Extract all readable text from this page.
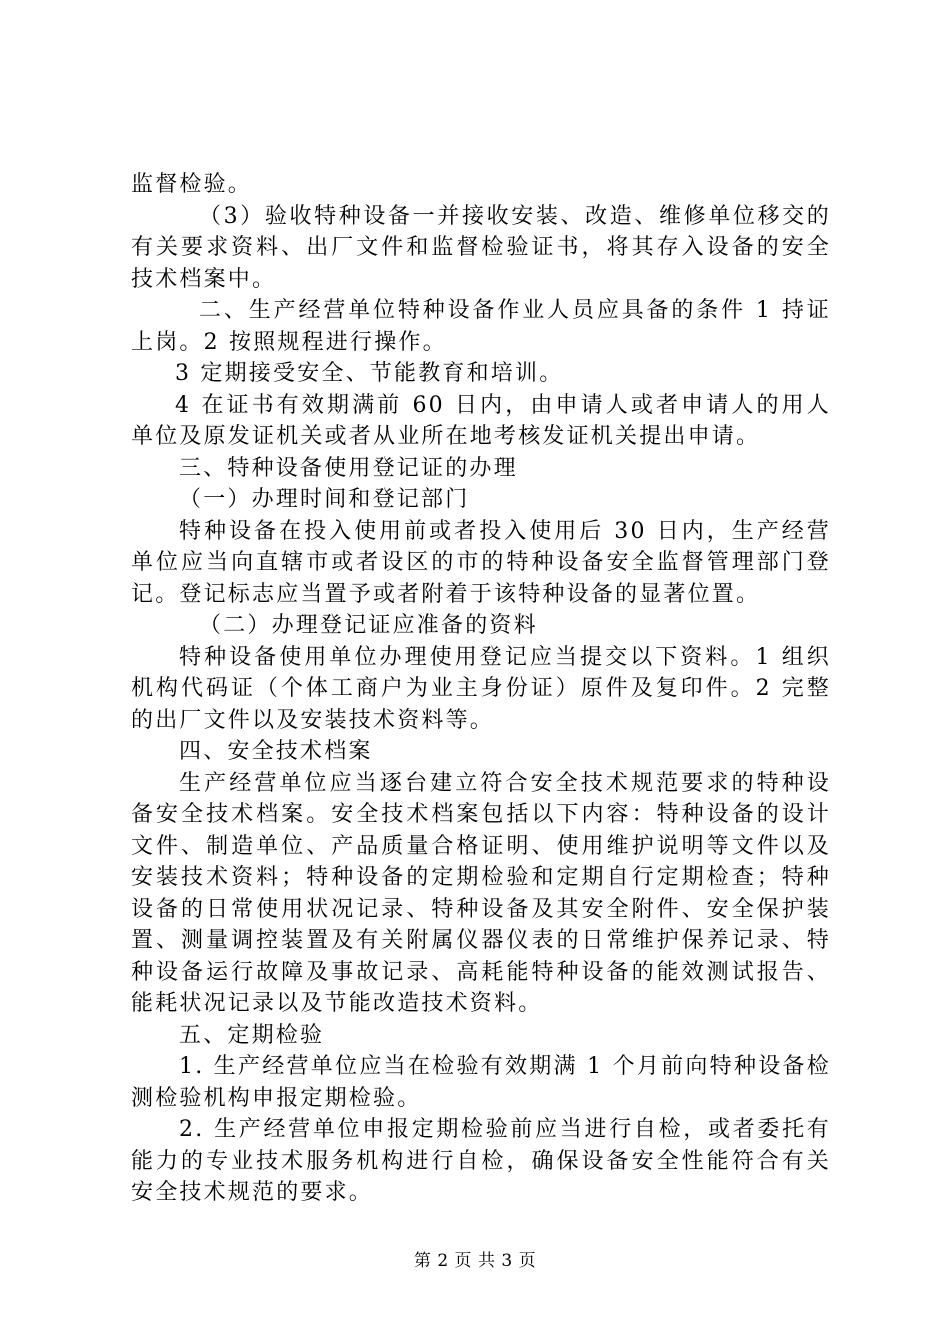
监督检验。

（3）验收特种设备一并接收安装、改造、维修单位移交的有关要求资料、出厂文件和监督检验证书，将其存入设备的安全技术档案中。

二、生产经营单位特种设备作业人员应具备的条件 1 持证上岗。2 按照规程进行操作。

3 定期接受安全、节能教育和培训。

4 在证书有效期满前 60 日内，由申请人或者申请人的用人单位及原发证机关或者从业所在地考核发证机关提出申请。

三、特种设备使用登记证的办理

（一）办理时间和登记部门

特种设备在投入使用前或者投入使用后 30 日内，生产经营单位应当向直辖市或者设区的市的特种设备安全监督管理部门登记。登记标志应当置予或者附着于该特种设备的显著位置。

（二）办理登记证应准备的资料

特种设备使用单位办理使用登记应当提交以下资料。1 组织机构代码证（个体工商户为业主身份证）原件及复印件。2 完整的出厂文件以及安装技术资料等。

四、安全技术档案

生产经营单位应当逐台建立符合安全技术规范要求的特种设备安全技术档案。安全技术档案包括以下内容：特种设备的设计文件、制造单位、产品质量合格证明、使用维护说明等文件以及安装技术资料；特种设备的定期检验和定期自行定期检查；特种设备的日常使用状况记录、特种设备及其安全附件、安全保护装置、测量调控装置及有关附属仪器仪表的日常维护保养记录、特种设备运行故障及事故记录、高耗能特种设备的能效测试报告、能耗状况记录以及节能改造技术资料。

五、定期检验

1. 生产经营单位应当在检验有效期满 1 个月前向特种设备检测检验机构申报定期检验。

2. 生产经营单位申报定期检验前应当进行自检，或者委托有能力的专业技术服务机构进行自检，确保设备安全性能符合有关安全技术规范的要求。

第 2 页 共 3 页
